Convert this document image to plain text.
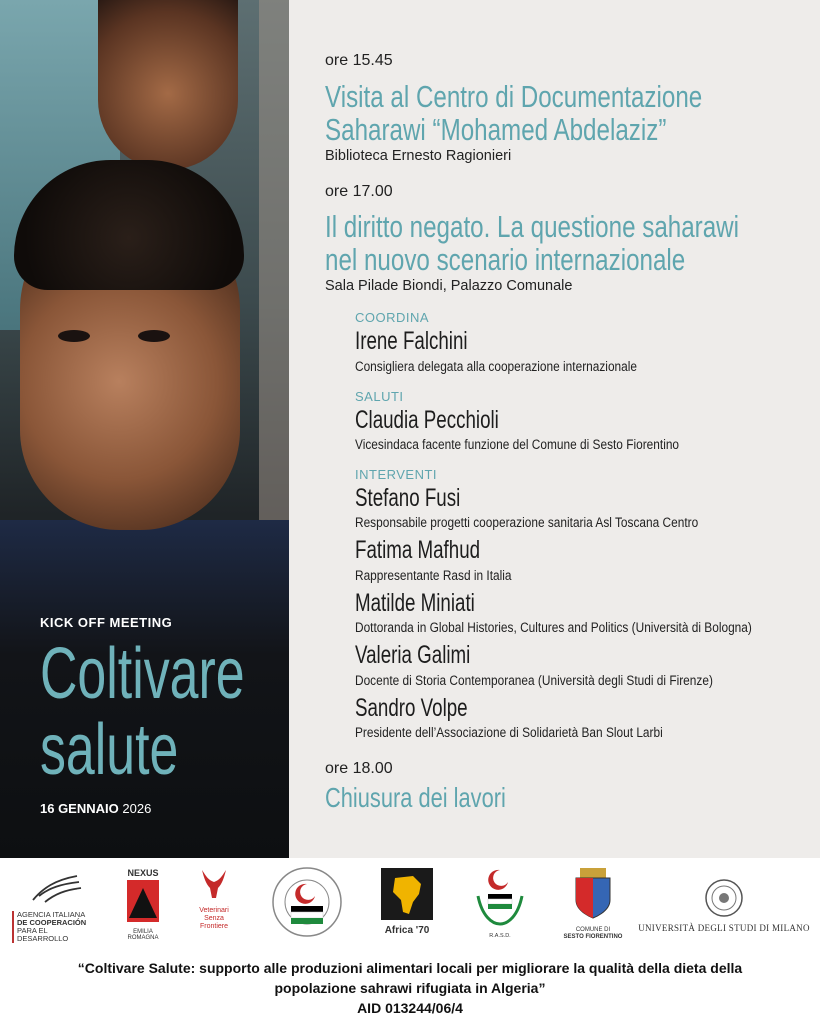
KICK OFF MEETING
Coltivare
salute
16 GENNAIO 2026
ore 15.45
Visita al Centro di Documentazione
Saharawi “Mohamed Abdelaziz”
Biblioteca Ernesto Ragionieri
ore 17.00
Il diritto negato. La questione saharawi
nel nuovo scenario internazionale
Sala Pilade Biondi, Palazzo Comunale
COORDINA
Irene Falchini
Consigliera delegata alla cooperazione internazionale
SALUTI
Claudia Pecchioli
Vicesindaca facente funzione del Comune di Sesto Fiorentino
INTERVENTI
Stefano Fusi
Responsabile progetti cooperazione sanitaria Asl Toscana Centro
Fatima Mafhud
Rappresentante Rasd in Italia
Matilde Miniati
Dottoranda in Global Histories, Cultures and Politics (Università di Bologna)
Valeria Galimi
Docente di Storia Contemporanea (Università degli Studi di Firenze)
Sandro Volpe
Presidente dell’Associazione di Solidarietà Ban Slout Larbi
ore 18.00
Chiusura dei lavori
AGENCIA ITALIANA
DE COOPERACIÓN
PARA EL DESARROLLO
NEXUS
EMILIA ROMAGNA
Veterinari
Senza
Frontiere	Africa '70	R.A.S.D.
COMUNE DI
SESTO FIORENTINO
UNIVERSITÀ DEGLI STUDI DI MILANO
“Coltivare Salute: supporto alle produzioni alimentari locali per migliorare la qualità della dieta della
popolazione sahrawi rifugiata in Algeria”
AID 013244/06/4
